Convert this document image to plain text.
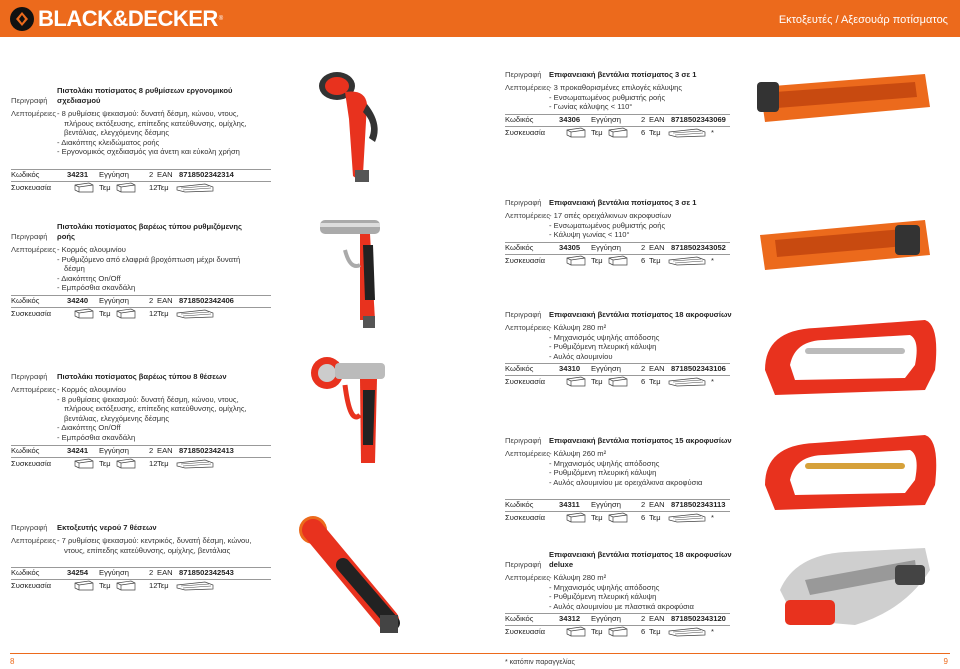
BLACK&DECKER ®	Εκτοξευτές / Αξεσουάρ ποτίσματος
Περιγραφή
Πιστολάκι ποτίσματος 8 ρυθμίσεων εργονομικού
σχεδιασμού
Λεπτομέρειες - 8 ρυθμίσεις ψεκασμού: δυνατή δέσμη, κώνου, ντους, πλήρους εκτόξευσης, επίπεδης κατεύθυνσης, ομίχλης, βεντάλιας, ελεγχόμενης δέσμης
- Διακόπτης κλειδώματος ροής
- Εργονομικός σχεδιασμός για άνετη και εύκολη χρήση
Κωδικός	34231 Εγγύηση	2 EAN 8718502342314
Συσκευασία	Τεμ	12 Τεμ
Περιγραφή
Πιστολάκι ποτίσματος βαρέως τύπου ρυθμιζόμενης
ροής
Λεπτομέρειες - Κορμός αλουμινίου
- Ρυθμιζόμενο από ελαφριά βροχόπτωση μέχρι δυνατή δέσμη
- Διακόπτης On/Off
- Εμπρόσθια σκανδάλη
Κωδικός	34240 Εγγύηση	2 EAN 8718502342406
Συσκευασία	Τεμ	12 Τεμ
Περιγραφή Πιστολάκι ποτίσματος βαρέως τύπου 8 θέσεων
Λεπτομέρειες - Κορμός αλουμινίου
- 8 ρυθμίσεις ψεκασμού: δυνατή δέσμη, κώνου, ντους, πλήρους εκτόξευσης, επίπεδης κατεύθυνσης, ομίχλης, βεντάλιας, ελεγχόμενης δέσμης
- Διακόπτης On/Off
- Εμπρόσθια σκανδάλη
Κωδικός	34241 Εγγύηση	2 EAN 8718502342413
Συσκευασία	Τεμ	12 Τεμ
Περιγραφή Εκτοξευτής νερού 7 θέσεων
Λεπτομέρειες - 7 ρυθμίσεις ψεκασμού: κεντρικός, δυνατή δέσμη, κώνου, ντους, επίπεδης κατεύθυνσης, ομίχλης, βεντάλιας
Κωδικός	34254 Εγγύηση	2 EAN 8718502342543
Συσκευασία	Τεμ	12 Τεμ
Περιγραφή Επιφανειακή βεντάλια ποτίσματος 3 σε 1
Λεπτομέρειες
- 3 προκαθορισμένες επιλογές κάλυψης
- Ενσωματωμένος ρυθμιστής ροής
- Γωνίας κάλυψης < 110°
Κωδικός	34306 Εγγύηση	2 EAN 8718502343069
Συσκευασία	Τεμ	6 Τεμ	*
Περιγραφή Επιφανειακή βεντάλια ποτίσματος 3 σε 1
Λεπτομέρειες
- 17 οπές ορειχάλκινων ακροφυσίων
- Ενσωματωμένος ρυθμιστής ροής
- Κάλυψη γωνίας < 110°
Κωδικός	34305 Εγγύηση	2 EAN 8718502343052
Συσκευασία	Τεμ	6 Τεμ	*
Περιγραφή Επιφανειακή βεντάλια ποτίσματος 18 ακροφυσίων
Λεπτομέρειες
- Κάλυψη 280 m²
- Μηχανισμός υψηλής απόδοσης
- Ρυθμιζόμενη πλευρική κάλυψη
- Αυλός αλουμινίου
Κωδικός	34310 Εγγύηση	2 EAN 8718502343106
Συσκευασία	Τεμ	6 Τεμ	*
Περιγραφή Επιφανειακή βεντάλια ποτίσματος 15 ακροφυσίων
Λεπτομέρειες
- Κάλυψη 260 m²
- Μηχανισμός υψηλής απόδοσης
- Ρυθμιζόμενη πλευρική κάλυψη
- Αυλός αλουμινίου με ορειχάλκινα ακροφύσια
Κωδικός	34311 Εγγύηση	2 EAN 8718502343113
Συσκευασία	Τεμ	6 Τεμ	*
Περιγραφή
Επιφανειακή βεντάλια ποτίσματος 18 ακροφυσίων
deluxe
Λεπτομέρειες
- Κάλυψη 280 m²
- Μηχανισμός υψηλής απόδοσης
- Ρυθμιζόμενη πλευρική κάλυψη
- Αυλός αλουμινίου με πλαστικά ακροφύσια
Κωδικός	34312 Εγγύηση	2 EAN 8718502343120
Συσκευασία	Τεμ	6 Τεμ	*
8	* κατόπιν παραγγελίας	9
